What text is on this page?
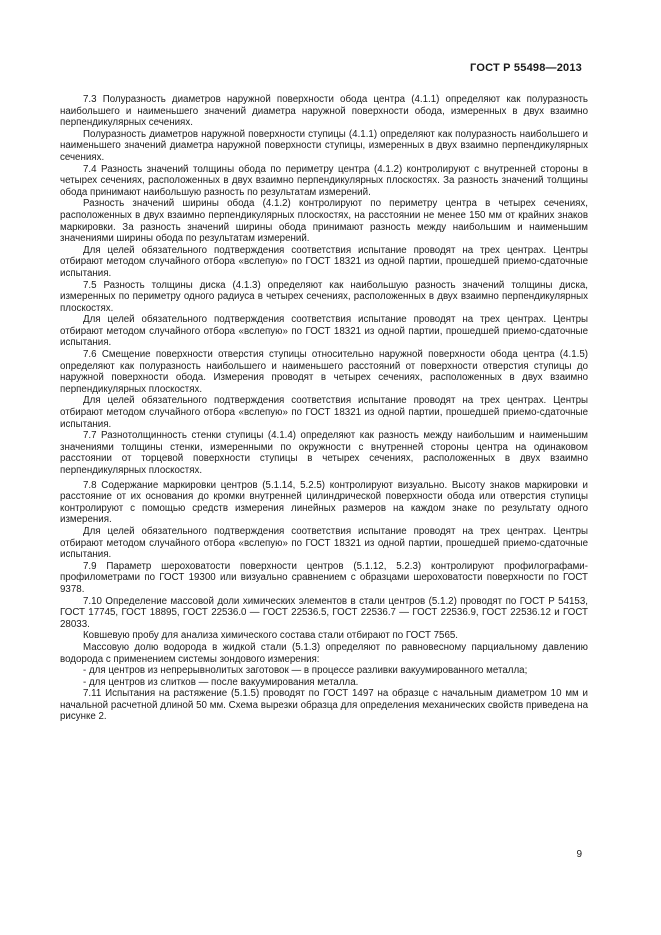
ГОСТ Р 55498—2013

7.3 Полуразность диаметров наружной поверхности обода центра (4.1.1) определяют как полуразность наибольшего и наименьшего значений диаметра наружной поверхности обода, измеренных в двух взаимно перпендикулярных сечениях.

Полуразность диаметров наружной поверхности ступицы (4.1.1) определяют как полуразность наибольшего и наименьшего значений диаметра наружной поверхности ступицы, измеренных в двух взаимно перпендикулярных сечениях.

7.4 Разность значений толщины обода по периметру центра (4.1.2) контролируют с внутренней стороны в четырех сечениях, расположенных в двух взаимно перпендикулярных плоскостях. За разность значений толщины обода принимают наибольшую разность по результатам измерений.

Разность значений ширины обода (4.1.2) контролируют по периметру центра в четырех сечениях, расположенных в двух взаимно перпендикулярных плоскостях, на расстоянии не менее 150 мм от крайних знаков маркировки. За разность значений ширины обода принимают разность между наибольшим и наименьшим значениями ширины обода по результатам измерений.

Для целей обязательного подтверждения соответствия испытание проводят на трех центрах. Центры отбирают методом случайного отбора «вслепую» по ГОСТ 18321 из одной партии, прошедшей приемо-сдаточные испытания.

7.5 Разность толщины диска (4.1.3) определяют как наибольшую разность значений толщины диска, измеренных по периметру одного радиуса в четырех сечениях, расположенных в двух взаимно перпендикулярных плоскостях.

Для целей обязательного подтверждения соответствия испытание проводят на трех центрах. Центры отбирают методом случайного отбора «вслепую» по ГОСТ 18321 из одной партии, прошедшей приемо-сдаточные испытания.

7.6 Смещение поверхности отверстия ступицы относительно наружной поверхности обода центра (4.1.5) определяют как полуразность наибольшего и наименьшего расстояний от поверхности отверстия ступицы до наружной поверхности обода. Измерения проводят в четырех сечениях, расположенных в двух взаимно перпендикулярных плоскостях.

Для целей обязательного подтверждения соответствия испытание проводят на трех центрах. Центры отбирают методом случайного отбора «вслепую» по ГОСТ 18321 из одной партии, прошедшей приемо-сдаточные испытания.

7.7 Разнотолщинность стенки ступицы (4.1.4) определяют как разность между наибольшим и наименьшим значениями толщины стенки, измеренными по окружности с внутренней стороны центра на одинаковом расстоянии от торцевой поверхности ступицы в четырех сечениях, расположенных в двух взаимно перпендикулярных плоскостях.

7.8 Содержание маркировки центров (5.1.14, 5.2.5) контролируют визуально. Высоту знаков маркировки и расстояние от их основания до кромки внутренней цилиндрической поверхности обода или отверстия ступицы контролируют с помощью средств измерения линейных размеров на каждом знаке по результату одного измерения.

Для целей обязательного подтверждения соответствия испытание проводят на трех центрах. Центры отбирают методом случайного отбора «вслепую» по ГОСТ 18321 из одной партии, прошедшей приемо-сдаточные испытания.

7.9 Параметр шероховатости поверхности центров (5.1.12, 5.2.3) контролируют профилографами-профилометрами по ГОСТ 19300 или визуально сравнением с образцами шероховатости поверхности по ГОСТ 9378.

7.10 Определение массовой доли химических элементов в стали центров (5.1.2) проводят по ГОСТ Р 54153, ГОСТ 17745, ГОСТ 18895, ГОСТ 22536.0 — ГОСТ 22536.5, ГОСТ 22536.7 — ГОСТ 22536.9, ГОСТ 22536.12 и ГОСТ 28033.

Ковшевую пробу для анализа химического состава стали отбирают по ГОСТ 7565.

Массовую долю водорода в жидкой стали (5.1.3) определяют по равновесному парциальному давлению водорода с применением системы зондового измерения:

- для центров из непрерывнолитых заготовок — в процессе разливки вакуумированного металла;

- для центров из слитков — после вакуумирования металла.

7.11 Испытания на растяжение (5.1.5) проводят по ГОСТ 1497 на образце с начальным диаметром 10 мм и начальной расчетной длиной 50 мм. Схема вырезки образца для определения механических свойств приведена на рисунке 2.

9
